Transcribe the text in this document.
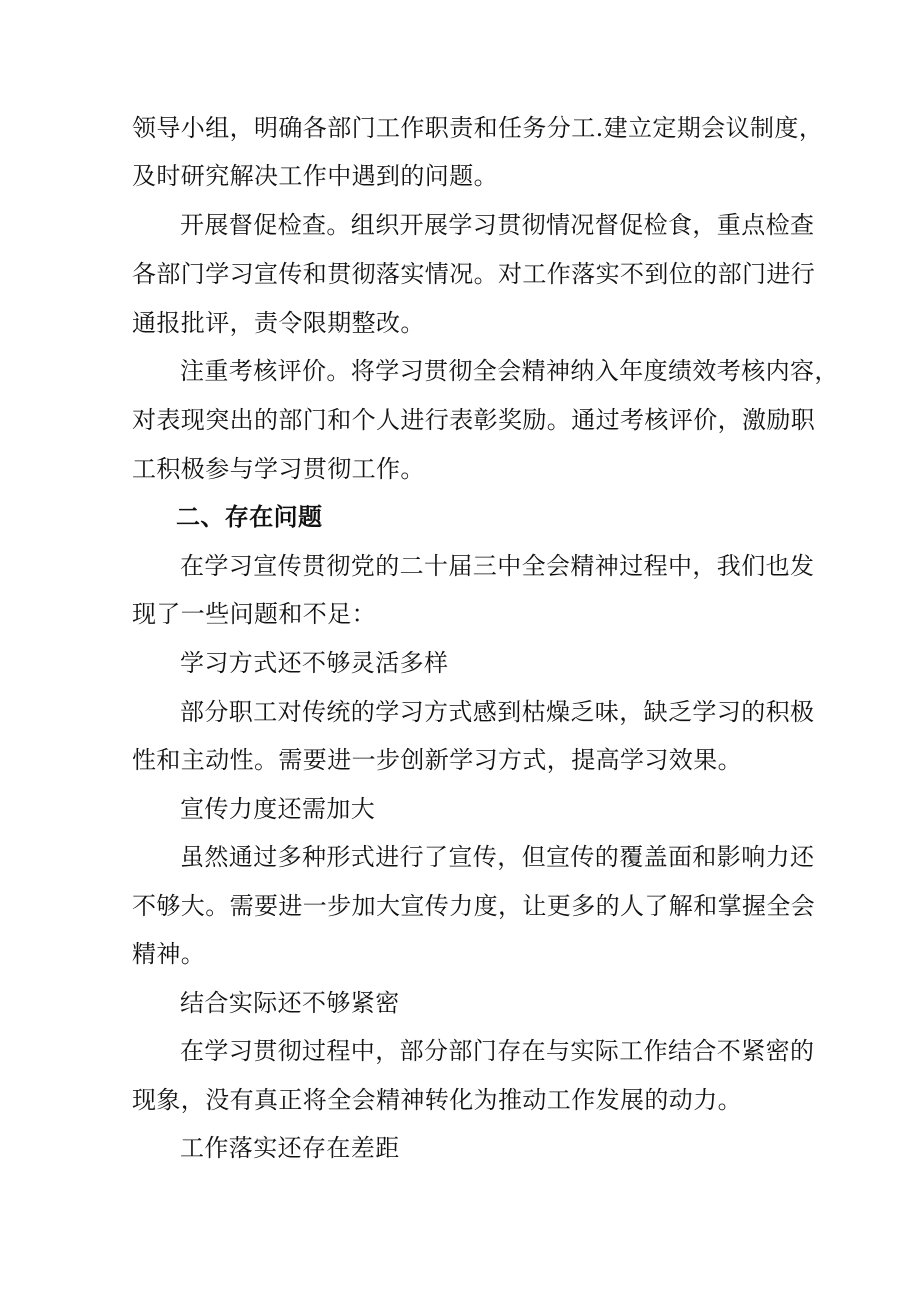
领导小组，明确各部门工作职责和任务分工.建立定期会议制度，
及时研究解决工作中遇到的问题。
开展督促检查。组织开展学习贯彻情况督促检食，重点检查
各部门学习宣传和贯彻落实情况。对工作落实不到位的部门进行
通报批评，责令限期整改。
注重考核评价。将学习贯彻全会精神纳入年度绩效考核内容，
对表现突出的部门和个人进行表彰奖励。通过考核评价，激励职
工积极参与学习贯彻工作。
二、存在问题
在学习宣传贯彻党的二十届三中全会精神过程中，我们也发
现了一些问题和不足：
学习方式还不够灵活多样
部分职工对传统的学习方式感到枯燥乏味，缺乏学习的积极
性和主动性。需要进一步创新学习方式，提高学习效果。
宣传力度还需加大
虽然通过多种形式进行了宣传，但宣传的覆盖面和影响力还
不够大。需要进一步加大宣传力度，让更多的人了解和掌握全会
精神。
结合实际还不够紧密
在学习贯彻过程中，部分部门存在与实际工作结合不紧密的
现象，没有真正将全会精神转化为推动工作发展的动力。
工作落实还存在差距
